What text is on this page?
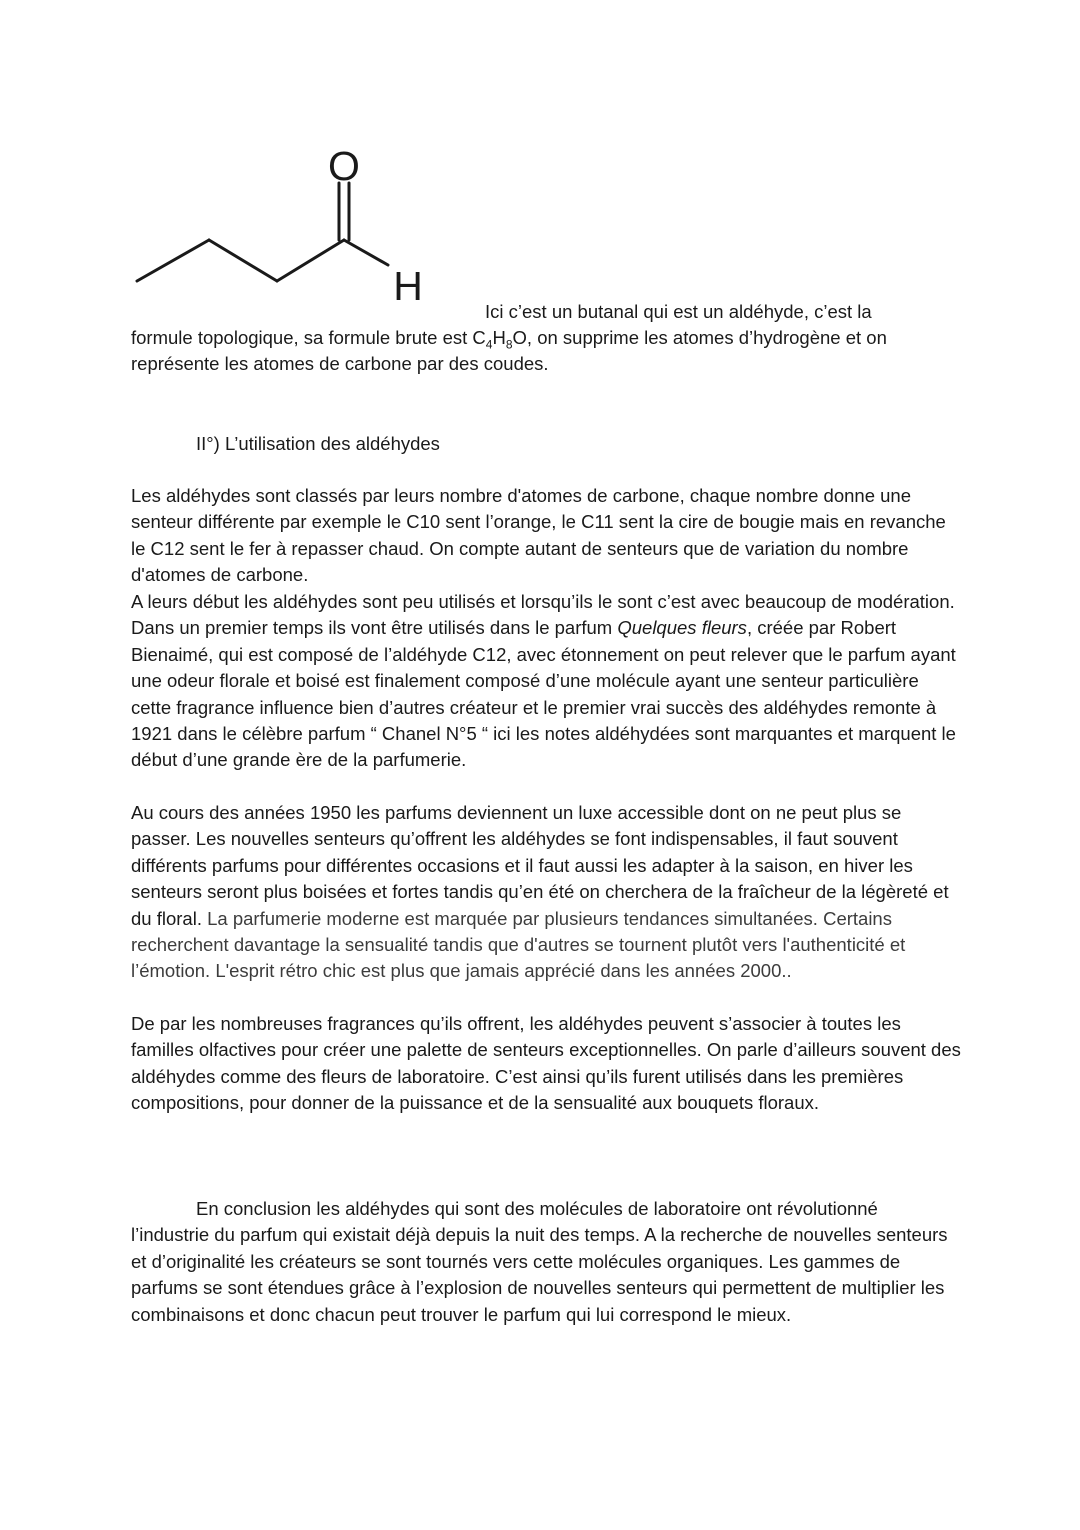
O
H

Ici c’est un butanal qui est un aldéhyde, c’est la

formule topologique, sa formule brute est $C_4H_8O$, on supprime les atomes d’hydrogène et on représente les atomes de carbone par des coudes.

II°) L’utilisation des aldéhydes

Les aldéhydes sont classés par leurs nombre d'atomes de carbone, chaque nombre donne une senteur différente par exemple le C10 sent l’orange, le C11 sent la cire de bougie mais en revanche le C12 sent le fer à repasser chaud. On compte autant de senteurs que de variation du nombre d'atomes de carbone.

A leurs début les aldéhydes sont peu utilisés et lorsqu’ils le sont c’est avec beaucoup de modération. Dans un premier temps ils vont être utilisés dans le parfum Quelques fleurs, créée par Robert Bienaimé, qui est composé de l’aldéhyde C12, avec étonnement on peut relever que le parfum ayant une odeur florale et boisé est finalement composé d’une molécule ayant une senteur particulière cette fragrance influence bien d’autres créateur et le premier vrai succès des aldéhydes remonte à 1921 dans le célèbre parfum “ Chanel N°5 “ ici les notes aldéhydées sont marquantes et marquent le début d’une grande ère de la parfumerie.

Au cours des années 1950 les parfums deviennent un luxe accessible dont on ne peut plus se passer. Les nouvelles senteurs qu’offrent les aldéhydes se font indispensables, il faut souvent différents parfums pour différentes occasions et il faut aussi les adapter à la saison, en hiver les senteurs seront plus boisées et fortes tandis qu’en été on cherchera de la fraîcheur de la légèreté et du floral. La parfumerie moderne est marquée par plusieurs tendances simultanées. Certains recherchent davantage la sensualité tandis que d'autres se tournent plutôt vers l'authenticité et l’émotion. L'esprit rétro chic est plus que jamais apprécié dans les années 2000..

De par les nombreuses fragrances qu’ils offrent, les aldéhydes peuvent s’associer à toutes les familles olfactives pour créer une palette de senteurs exceptionnelles. On parle d’ailleurs souvent des aldéhydes comme des fleurs de laboratoire. C’est ainsi qu’ils furent utilisés dans les premières compositions, pour donner de la puissance et de la sensualité aux bouquets floraux.

En conclusion les aldéhydes qui sont des molécules de laboratoire ont révolutionné l’industrie du parfum qui existait déjà depuis la nuit des temps. A la recherche de nouvelles senteurs et d’originalité les créateurs se sont tournés vers cette molécules organiques. Les gammes de parfums se sont étendues grâce à l’explosion de nouvelles senteurs qui permettent de multiplier les combinaisons et donc chacun peut trouver le parfum qui lui correspond le mieux.
